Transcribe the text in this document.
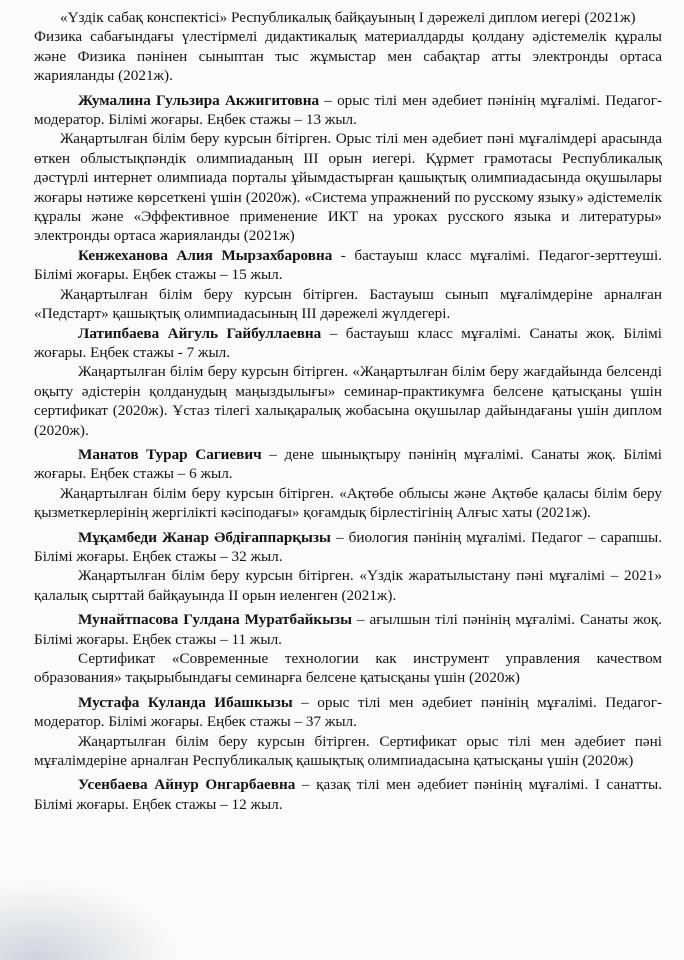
«Үздік сабақ конспектісі» Республикалық байқауының I дәрежелі диплом иегері (2021ж)

Физика сабағындағы үлестірмелі дидактикалық материалдарды қолдану әдістемелік құралы және Физика пәнінен сыныптан тыс жұмыстар мен сабақтар атты электронды ортаса жарияланды (2021ж).

Жумалина Гульзира Акжигитовна – орыс тілі мен әдебиет пәнінің мұғалімі. Педагог-модератор. Білімі жоғары. Еңбек стажы – 13 жыл.

Жаңартылған білім беру курсын бітірген. Орыс тілі мен әдебиет пәні мұғалімдері арасында өткен облыстықпәндік олимпиаданың III орын иегері. Құрмет грамотасы Республикалық дәстүрлі интернет олимпиада порталы ұйымдастырған қашықтық олимпиадасында оқушылары жоғары нәтиже көрсеткені үшін (2020ж). «Система упражнений по русскому языку» әдістемелік құралы және «Эффективное применение ИКТ на уроках русского языка и литературы» электронды ортаса жарияланды (2021ж)

Кенжеханова Алия Мырзахбаровна - бастауыш класс мұғалімі. Педагог-зерттеуші. Білімі жоғары. Еңбек стажы – 15 жыл.

Жаңартылған білім беру курсын бітірген. Бастауыш сынып мұғалімдеріне арналған «Педстарт» қашықтық олимпиадасының III дәрежелі жүлдегері.

Латипбаева Айгуль Гайбуллаевна – бастауыш класс мұғалімі. Санаты жоқ. Білімі жоғары. Еңбек стажы - 7 жыл.

Жаңартылған білім беру курсын бітірген. «Жаңартылған білім беру жағдайында белсенді оқыту әдістерін қолданудың маңыздылығы» семинар-практикумға белсене қатысқаны үшін сертификат (2020ж). Ұстаз тілегі халықаралық жобасына оқушылар дайындағаны үшін диплом (2020ж).

Манатов Турар Сагиевич – дене шынықтыру пәнінің мұғалімі. Санаты жоқ. Білімі жоғары. Еңбек стажы – 6 жыл.

Жаңартылған білім беру курсын бітірген. «Ақтөбе облысы және Ақтөбе қаласы білім беру қызметкерлерінің жергілікті кәсіподағы» қоғамдық бірлестігінің Алғыс хаты (2021ж).

Мұқамбеди Жанар Әбдіғаппарқызы – биология пәнінің мұғалімі. Педагог – сарапшы. Білімі жоғары. Еңбек стажы – 32 жыл.

Жаңартылған білім беру курсын бітірген. «Үздік жаратылыстану пәні мұғалімі – 2021» қалалық сырттай байқауында II орын иеленген (2021ж).

Мунайтпасова Гулдана Муратбайкызы – ағылшын тілі пәнінің мұғалімі. Санаты жоқ. Білімі жоғары. Еңбек стажы – 11 жыл.

Сертификат «Современные технологии как инструмент управления качеством образования» тақырыбындағы семинарға белсене қатысқаны үшін (2020ж)

Мустафа Куланда Ибашкызы – орыс тілі мен әдебиет пәнінің мұғалімі. Педагог-модератор. Білімі жоғары. Еңбек стажы – 37 жыл.

Жаңартылған білім беру курсын бітірген. Сертификат орыс тілі мен әдебиет пәні мұғалімдеріне арналған Республикалық қашықтық олимпиадасына қатысқаны үшін (2020ж)

Усенбаева Айнур Онгарбаевна – қазақ тілі мен әдебиет пәнінің мұғалімі. I санатты. Білімі жоғары. Еңбек стажы – 12 жыл.
